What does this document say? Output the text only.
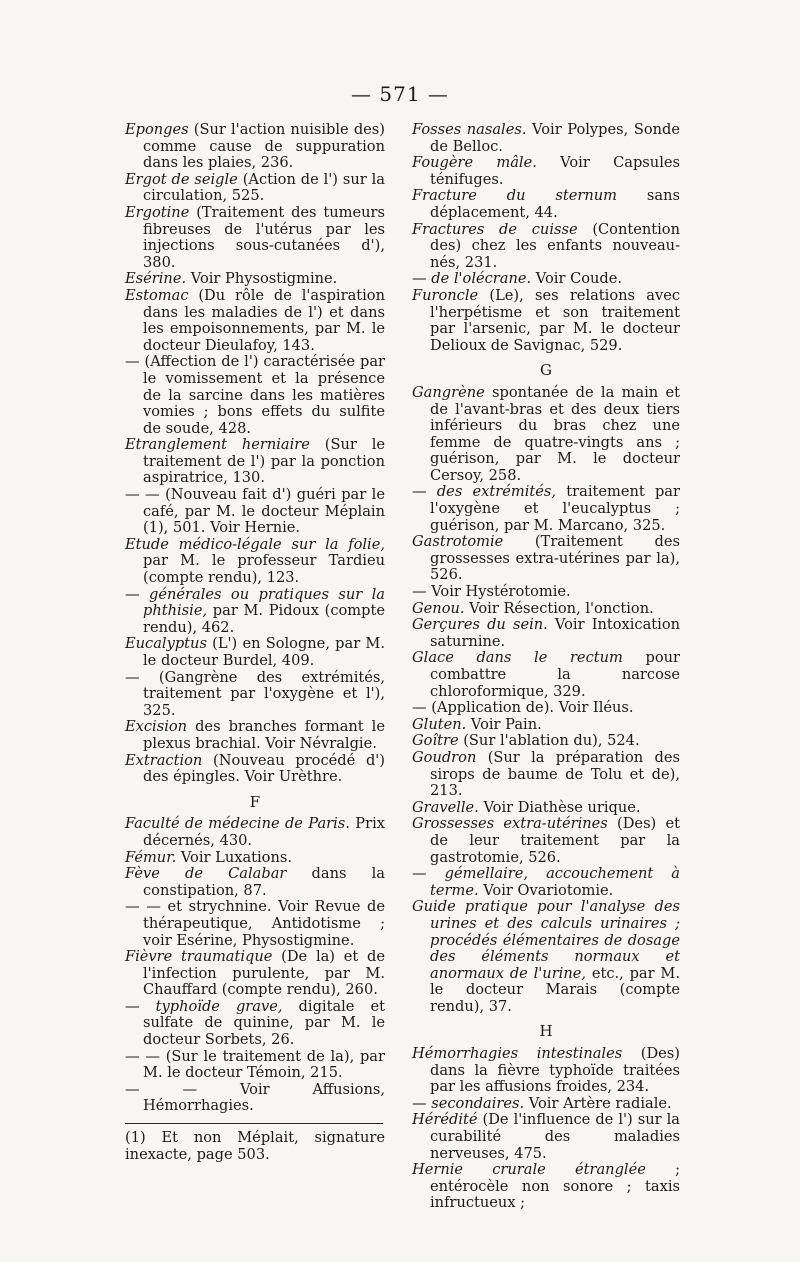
— 571 —

Eponges (Sur l'action nuisible des) comme cause de suppuration dans les plaies, 236.

Ergot de seigle (Action de l') sur la circulation, 525.

Ergotine (Traitement des tumeurs fibreuses de l'utérus par les injections sous-cutanées d'), 380.

Esérine. Voir Physostigmine.

Estomac (Du rôle de l'aspiration dans les maladies de l') et dans les empoisonnements, par M. le docteur Dieulafoy, 143.

— (Affection de l') caractérisée par le vomissement et la présence de la sarcine dans les matières vomies ; bons effets du sulfite de soude, 428.

Etranglement herniaire (Sur le traitement de l') par la ponction aspiratrice, 130.

— — (Nouveau fait d') guéri par le café, par M. le docteur Méplain (1), 501. Voir Hernie.

Etude médico-légale sur la folie, par M. le professeur Tardieu (compte rendu), 123.

— générales ou pratiques sur la phthisie, par M. Pidoux (compte rendu), 462.

Eucalyptus (L') en Sologne, par M. le docteur Burdel, 409.

— (Gangrène des extrémités, traitement par l'oxygène et l'), 325.

Excision des branches formant le plexus brachial. Voir Névralgie.

Extraction (Nouveau procédé d') des épingles. Voir Urèthre.

F

Faculté de médecine de Paris. Prix décernés, 430.

Fémur. Voir Luxations.

Fève de Calabar dans la constipation, 87.

— — et strychnine. Voir Revue de thérapeutique, Antidotisme ; voir Esérine, Physostigmine.

Fièvre traumatique (De la) et de l'infection purulente, par M. Chauffard (compte rendu), 260.

— typhoïde grave, digitale et sulfate de quinine, par M. le docteur Sorbets, 26.

— — (Sur le traitement de la), par M. le docteur Témoin, 215.

— — Voir Affusions, Hémorrhagies.

(1) Et non Méplait, signature inexacte, page 503.

Fosses nasales. Voir Polypes, Sonde de Belloc.

Fougère mâle. Voir Capsules ténifuges.

Fracture du sternum sans déplacement, 44.

Fractures de cuisse (Contention des) chez les enfants nouveau-nés, 231.

— de l'olécrane. Voir Coude.

Furoncle (Le), ses relations avec l'herpétisme et son traitement par l'arsenic, par M. le docteur Delioux de Savignac, 529.

G

Gangrène spontanée de la main et de l'avant-bras et des deux tiers inférieurs du bras chez une femme de quatre-vingts ans ; guérison, par M. le docteur Cersoy, 258.

— des extrémités, traitement par l'oxygène et l'eucalyptus ; guérison, par M. Marcano, 325.

Gastrotomie (Traitement des grossesses extra-utérines par la), 526.

— Voir Hystérotomie.

Genou. Voir Résection, l'onction.

Gerçures du sein. Voir Intoxication saturnine.

Glace dans le rectum pour combattre la narcose chloroformique, 329.

— (Application de). Voir Iléus.

Gluten. Voir Pain.

Goître (Sur l'ablation du), 524.

Goudron (Sur la préparation des sirops de baume de Tolu et de), 213.

Gravelle. Voir Diathèse urique.

Grossesses extra-utérines (Des) et de leur traitement par la gastrotomie, 526.

— gémellaire, accouchement à terme. Voir Ovariotomie.

Guide pratique pour l'analyse des urines et des calculs urinaires ; procédés élémentaires de dosage des éléments normaux et anormaux de l'urine, etc., par M. le docteur Marais (compte rendu), 37.

H

Hémorrhagies intestinales (Des) dans la fièvre typhoïde traitées par les affusions froides, 234.

— secondaires. Voir Artère radiale.

Hérédité (De l'influence de l') sur la curabilité des maladies nerveuses, 475.

Hernie crurale étranglée ; entérocèle non sonore ; taxis infructueux ;
